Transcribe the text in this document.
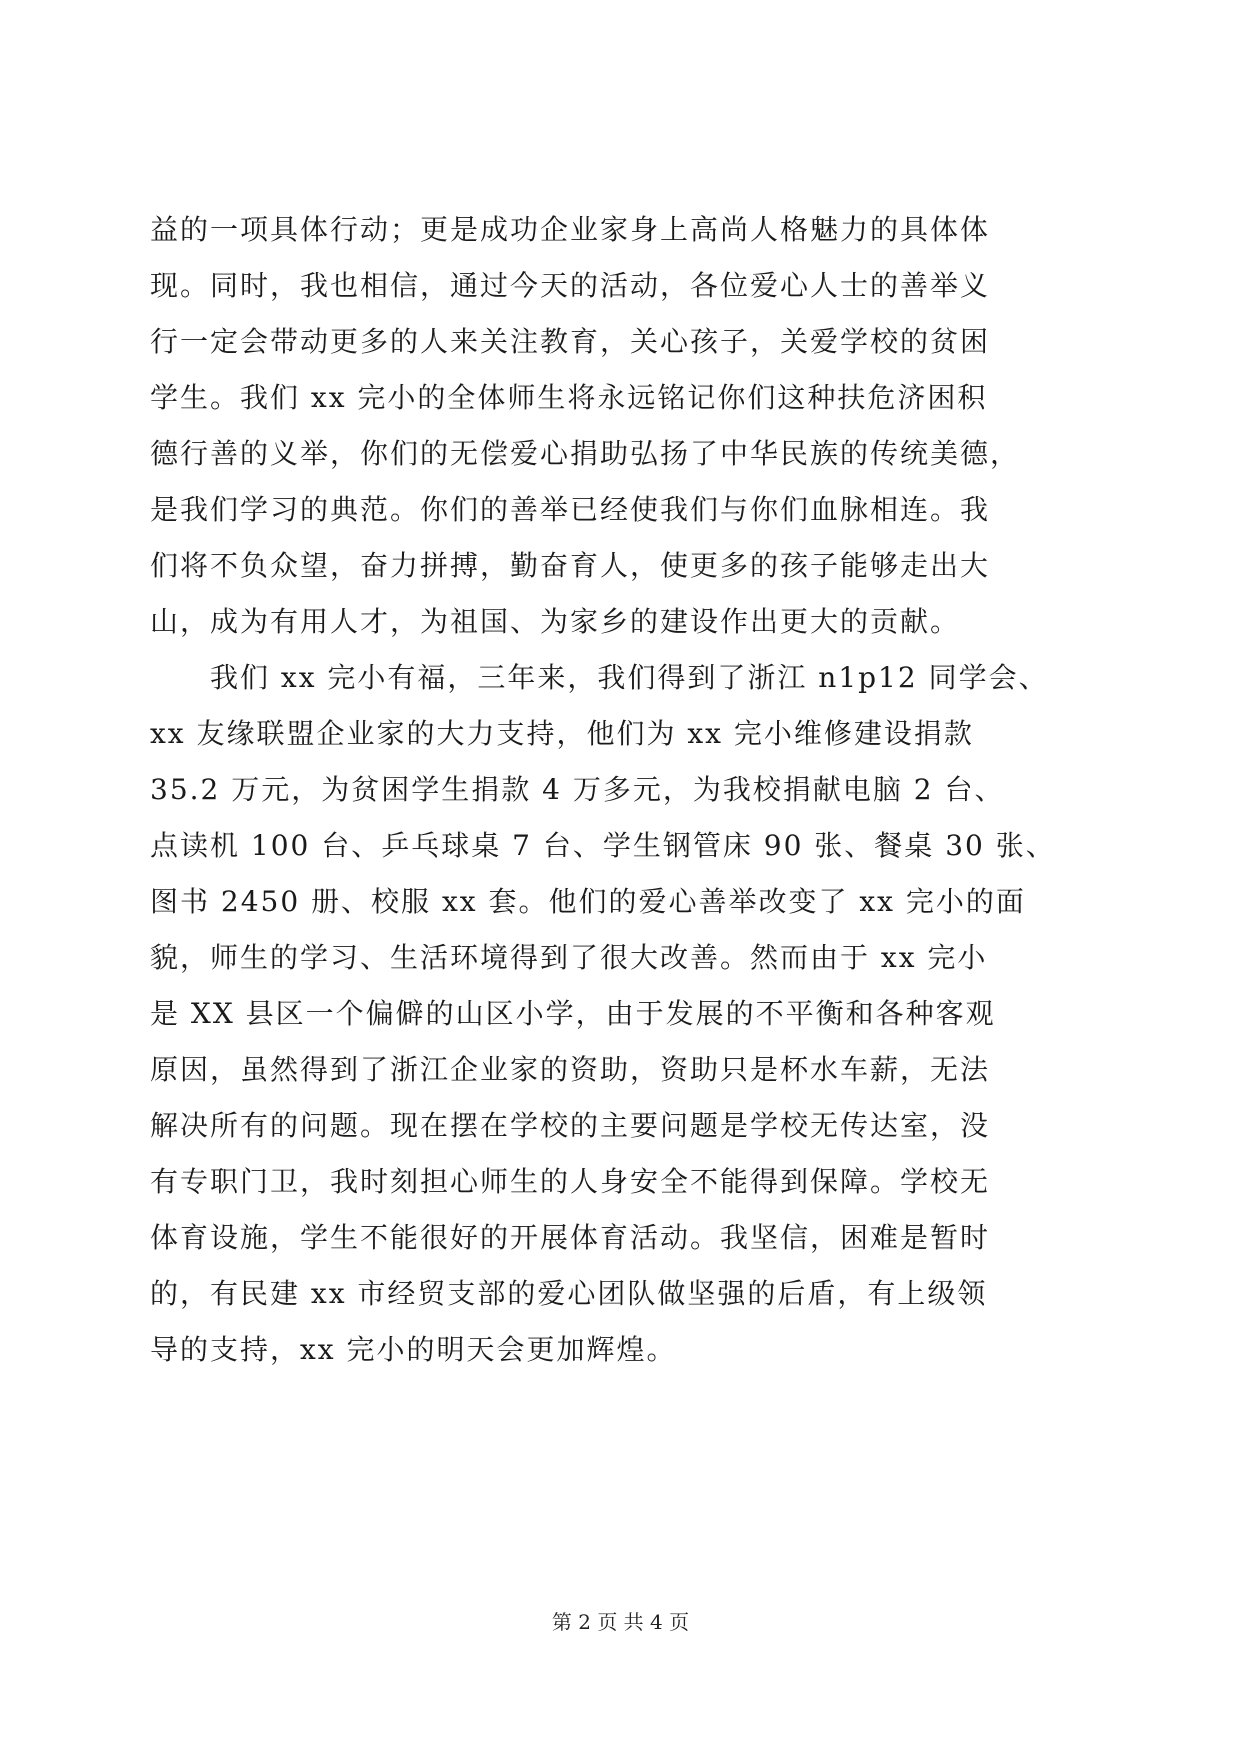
益的一项具体行动；更是成功企业家身上高尚人格魅力的具体体
现。同时，我也相信，通过今天的活动，各位爱心人士的善举义
行一定会带动更多的人来关注教育，关心孩子，关爱学校的贫困
学生。我们 xx 完小的全体师生将永远铭记你们这种扶危济困积
德行善的义举，你们的无偿爱心捐助弘扬了中华民族的传统美德，
是我们学习的典范。你们的善举已经使我们与你们血脉相连。我
们将不负众望，奋力拼搏，勤奋育人，使更多的孩子能够走出大
山，成为有用人才，为祖国、为家乡的建设作出更大的贡献。
我们 xx 完小有福，三年来，我们得到了浙江 n1p12 同学会、
xx 友缘联盟企业家的大力支持，他们为 xx 完小维修建设捐款
35.2 万元，为贫困学生捐款 4 万多元，为我校捐献电脑 2 台、
点读机 100 台、乒乓球桌 7 台、学生钢管床 90 张、餐桌 30 张、
图书 2450 册、校服 xx 套。他们的爱心善举改变了 xx 完小的面
貌，师生的学习、生活环境得到了很大改善。然而由于 xx 完小
是 XX 县区一个偏僻的山区小学，由于发展的不平衡和各种客观
原因，虽然得到了浙江企业家的资助，资助只是杯水车薪，无法
解决所有的问题。现在摆在学校的主要问题是学校无传达室，没
有专职门卫，我时刻担心师生的人身安全不能得到保障。学校无
体育设施，学生不能很好的开展体育活动。我坚信，困难是暂时
的，有民建 xx 市经贸支部的爱心团队做坚强的后盾，有上级领
导的支持，xx 完小的明天会更加辉煌。
第 2 页 共 4 页
